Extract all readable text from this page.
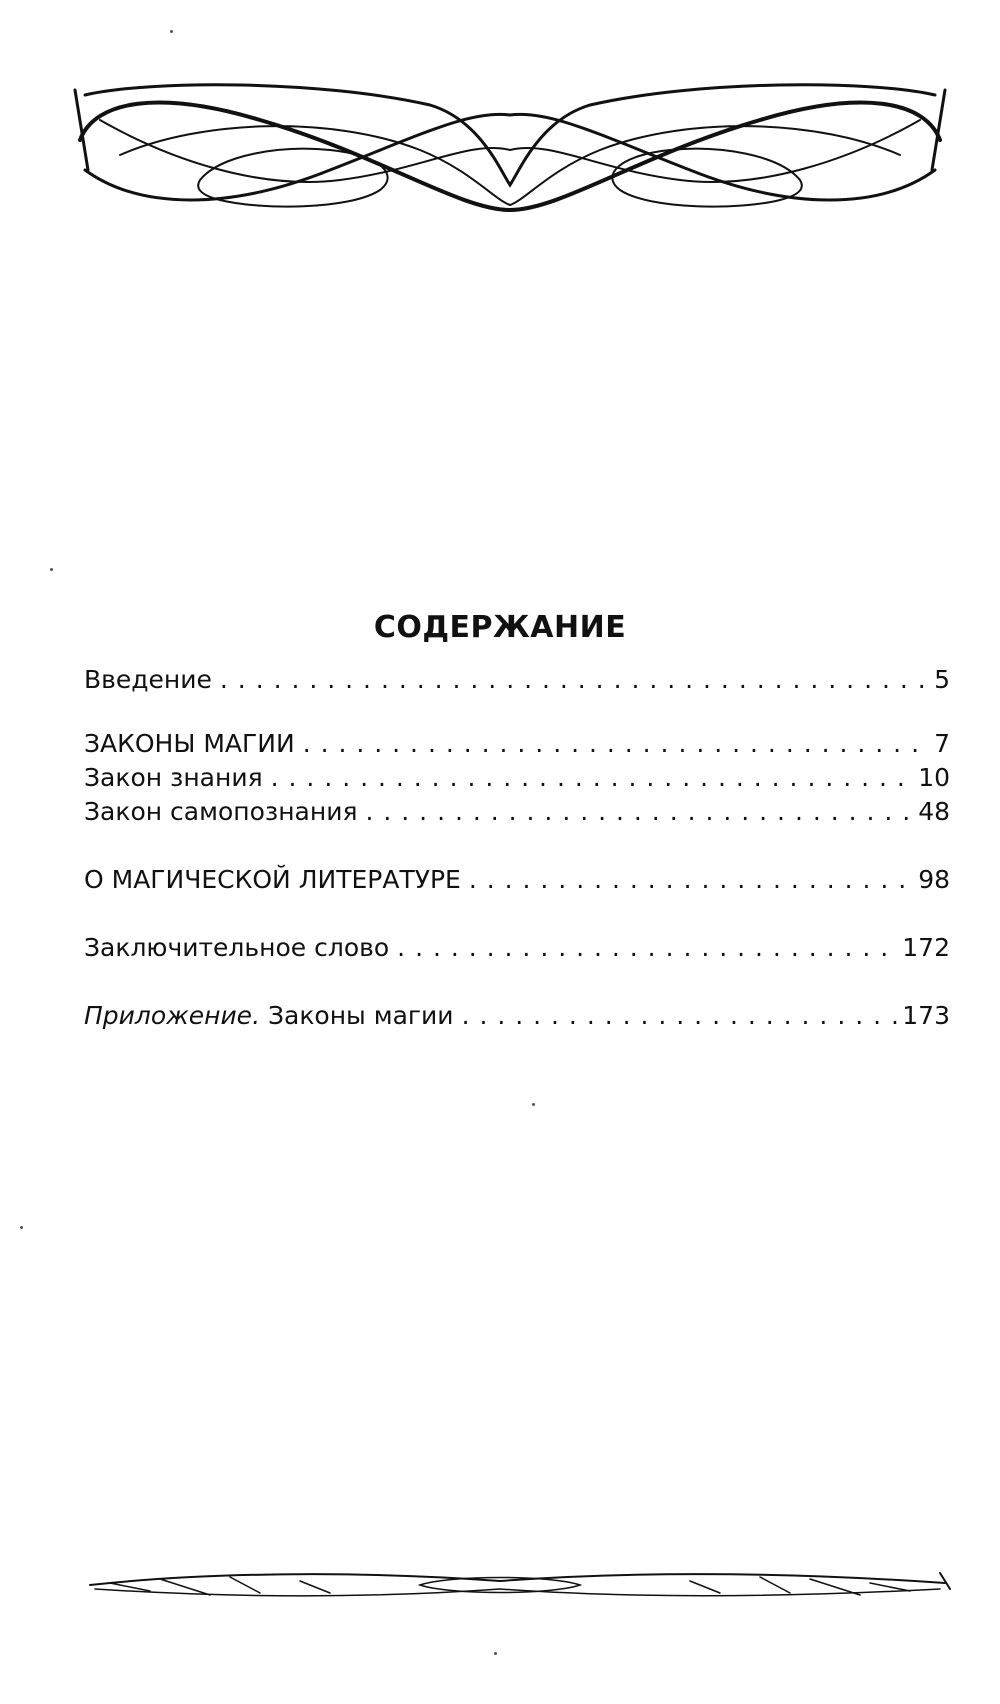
СОДЕРЖАНИЕ
Введение . . .	5
ЗАКОНЫ МАГИИ . . .	7
Закон знания . . .	10
Закон самопознания . . .	48
О МАГИЧЕСКОЙ ЛИТЕРАТУРЕ . . .	98
Заключительное слово . . .	172
Приложение. Законы магии . . .	173
